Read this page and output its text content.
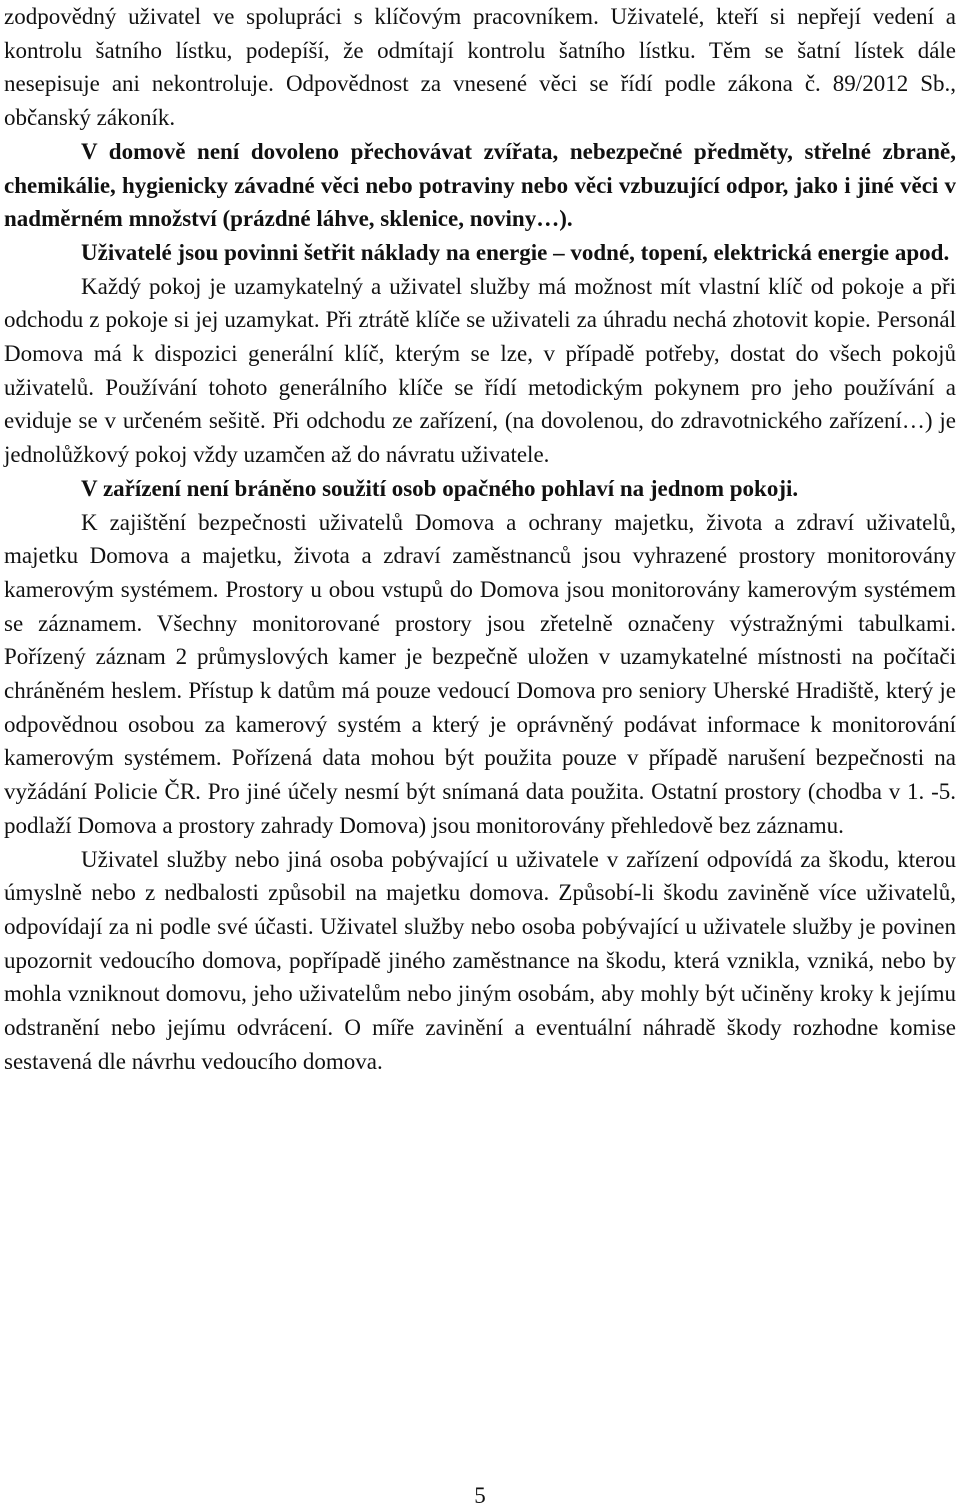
zodpovědný uživatel ve spolupráci s klíčovým pracovníkem. Uživatelé, kteří si nepřejí vedení a kontrolu šatního lístku, podepíší, že odmítají kontrolu šatního lístku. Těm se šatní lístek dále nesepisuje ani nekontroluje. Odpovědnost za vnesené věci se řídí podle zákona č. 89/2012 Sb., občanský zákoník.

V domově není dovoleno přechovávat zvířata, nebezpečné předměty, střelné zbraně, chemikálie, hygienicky závadné věci nebo potraviny nebo věci vzbuzující odpor, jako i jiné věci v nadměrném množství (prázdné láhve, sklenice, noviny…).

Uživatelé jsou povinni šetřit náklady na energie – vodné, topení, elektrická energie apod.

Každý pokoj je uzamykatelný a uživatel služby má možnost mít vlastní klíč od pokoje a při odchodu z pokoje si jej uzamykat. Při ztrátě klíče se uživateli za úhradu nechá zhotovit kopie. Personál Domova má k dispozici generální klíč, kterým se lze, v případě potřeby, dostat do všech pokojů uživatelů. Používání tohoto generálního klíče se řídí metodickým pokynem pro jeho používání a eviduje se v určeném sešitě. Při odchodu ze zařízení, (na dovolenou, do zdravotnického zařízení…) je jednolůžkový pokoj vždy uzamčen až do návratu uživatele.

V zařízení není bráněno soužití osob opačného pohlaví na jednom pokoji.

K zajištění bezpečnosti uživatelů Domova a ochrany majetku, života a zdraví uživatelů, majetku Domova a majetku, života a zdraví zaměstnanců jsou vyhrazené prostory monitorovány kamerovým systémem. Prostory u obou vstupů do Domova jsou monitorovány kamerovým systémem se záznamem. Všechny monitorované prostory jsou zřetelně označeny výstražnými tabulkami. Pořízený záznam 2 průmyslových kamer je bezpečně uložen v uzamykatelné místnosti na počítači chráněném heslem. Přístup k datům má pouze vedoucí Domova pro seniory Uherské Hradiště, který je odpovědnou osobou za kamerový systém a který je oprávněný podávat informace k monitorování kamerovým systémem. Pořízená data mohou být použita pouze v případě narušení bezpečnosti na vyžádání Policie ČR. Pro jiné účely nesmí být snímaná data použita. Ostatní prostory (chodba v 1. -5. podlaží Domova a prostory zahrady Domova) jsou monitorovány přehledově bez záznamu.

Uživatel služby nebo jiná osoba pobývající u uživatele v zařízení odpovídá za škodu, kterou úmyslně nebo z nedbalosti způsobil na majetku domova. Způsobí-li škodu zaviněně více uživatelů, odpovídají za ni podle své účasti. Uživatel služby nebo osoba pobývající u uživatele služby je povinen upozornit vedoucího domova, popřípadě jiného zaměstnance na škodu, která vznikla, vzniká, nebo by mohla vzniknout domovu, jeho uživatelům nebo jiným osobám, aby mohly být učiněny kroky k jejímu odstranění nebo jejímu odvrácení. O míře zavinění a eventuální náhradě škody rozhodne komise sestavená dle návrhu vedoucího domova.

5
